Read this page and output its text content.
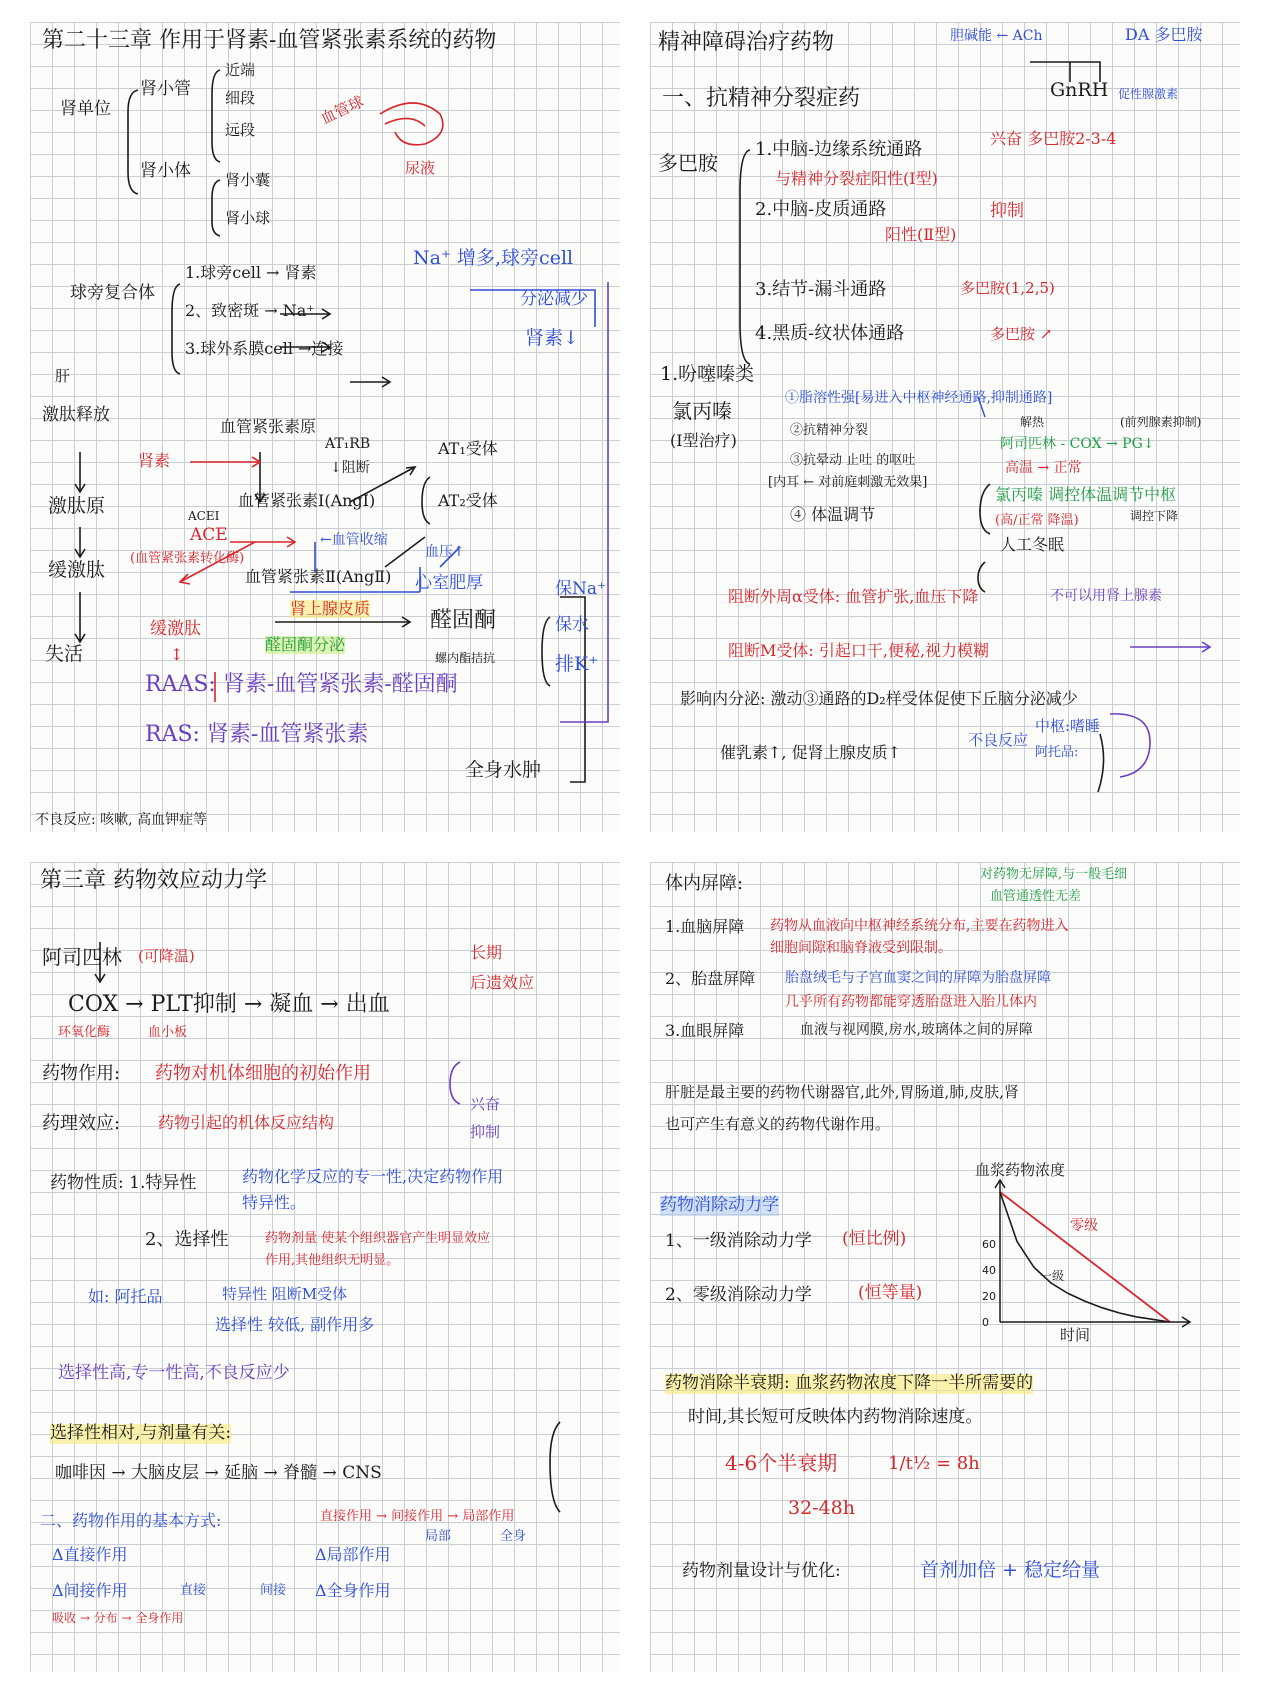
第二十三章 作用于肾素-血管紧张素系统的药物
肾单位
肾小管
近端
细段
远段
肾小体 肾小囊
肾小球
血管球
尿液
球旁复合体
1.球旁cell → 肾素
2、致密斑 → Na⁺
3.球外系膜cell →连接
Na⁺ 增多,球旁cell
分泌减少
肾素↓
肝
激肽释放
激肽原
缓激肽
失活
血管紧张素原
肾素
AT₁RB
↓阻断
血管紧张素Ⅰ(AngⅠ)
AT₁受体
AT₂受体
ACEI
ACE
(血管紧张素转化酶)
←血管收缩
血管紧张素Ⅱ(AngⅡ)
血压↑
心室肥厚
肾上腺皮质	醛固酮
醛固酮分泌
缓激肽
↕	螺内酯拮抗
保Na⁺
保水
排K⁺
RAAS: 肾素-血管紧张素-醛固酮
RAS: 肾素-血管紧张素
全身水肿
不良反应: 咳嗽, 高血钾症等
精神障碍治疗药物	胆碱能 ← ACh	DA 多巴胺
GnRH 促性腺激素
一、抗精神分裂症药
多巴胺
1.中脑-边缘系统通路
与精神分裂症阳性(Ⅰ型)
兴奋 多巴胺2-3-4
2.中脑-皮质通路
阳性(Ⅱ型)
抑制
3.结节-漏斗通路	多巴胺(1,2,5)
4.黑质-纹状体通路	多巴胺 ↗
1.吩噻嗪类
氯丙嗪
(Ⅰ型治疗)
①脂溶性强[易进入中枢神经通路,抑制通路]
②抗精神分裂
③抗晕动 止吐 的呕吐
[内耳 ← 对前庭刺激无效果]
④ 体温调节
解热	(前列腺素抑制)
阿司匹林 - COX → PG↓
高温 → 正常
氯丙嗪 调控体温调节中枢
(高/正常 降温)	调控下降
人工冬眠
阻断外周α受体: 血管扩张,血压下降	不可以用肾上腺素
阻断M受体: 引起口干,便秘,视力模糊
影响内分泌: 激动③通路的D₂样受体促使下丘脑分泌减少
催乳素↑, 促肾上腺皮质↑
不良反应
中枢:嗜睡
阿托品:
第三章 药物效应动力学
阿司匹林 (可降温)	长期
后遗效应
COX → PLT抑制 → 凝血 → 出血
环氧化酶	血小板
药物作用: 药物对机体细胞的初始作用
药理效应: 药物引起的机体反应结构
兴奋
抑制
药物性质: 1.特异性	药物化学反应的专一性,决定药物作用
特异性。
2、选择性	药物剂量 使某个组织器官产生明显效应
作用,其他组织无明显。
如: 阿托品	特异性 阻断M受体
选择性 较低, 副作用多
选择性高,专一性高,不良反应少
选择性相对,与剂量有关:
咖啡因 → 大脑皮层 → 延脑 → 脊髓 → CNS
二、药物作用的基本方式:	直接作用 → 间接作用 → 局部作用
局部	全身
Δ直接作用	Δ局部作用
Δ间接作用	直接	间接 Δ全身作用
吸收 → 分布 → 全身作用
体内屏障:	对药物无屏障,与一般毛细
血管通透性无差
1.血脑屏障 药物从血液向中枢神经系统分布,主要在药物进入
细胞间隙和脑脊液受到限制。
2、胎盘屏障 胎盘绒毛与子宫血窦之间的屏障为胎盘屏障
几乎所有药物都能穿透胎盘进入胎儿体内
3.血眼屏障	血液与视网膜,房水,玻璃体之间的屏障
肝脏是最主要的药物代谢器官,此外,胃肠道,肺,皮肤,肾
也可产生有意义的药物代谢作用。
血浆药物浓度
药物消除动力学
1、一级消除动力学 (恒比例)
2、零级消除动力学	(恒等量)
60
40
20
0
零级
一级
时间
药物消除半衰期: 血浆药物浓度下降一半所需要的
时间,其长短可反映体内药物消除速度。
4-6个半衰期	1/t½ = 8h
32-48h
药物剂量设计与优化:	首剂加倍 + 稳定给量
